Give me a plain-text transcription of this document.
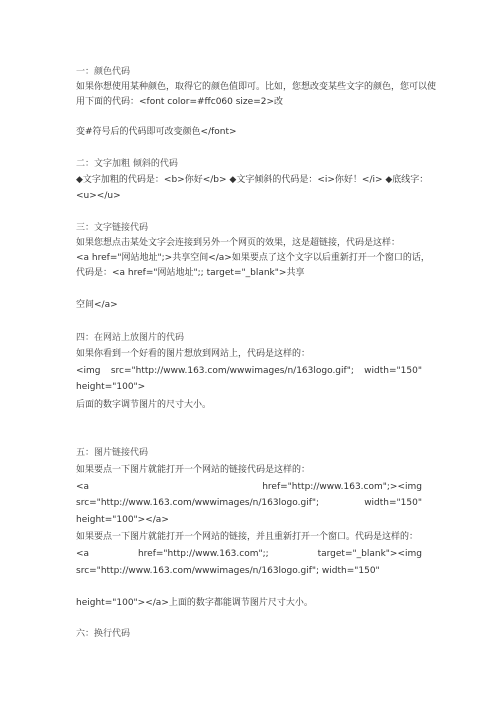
一：颜色代码
如果你想使用某种颜色，取得它的颜色值即可。比如，您想改变某些文字的颜色，您可以使
用下面的代码：<font color=#ffc060 size=2>改
变#符号后的代码即可改变颜色</font>
二：文字加粗 倾斜的代码
◆文字加粗的代码是：<b>你好</b> ◆文字倾斜的代码是：<i>你好！</i> ◆底线字：
<u></u>
三：文字链接代码
如果您想点击某处文字会连接到另外一个网页的效果，这是超链接，代码是这样：
<a href="网站地址";>共享空间</a>如果要点了这个文字以后重新打开一个窗口的话，
代码是：<a href="网站地址";; target="_blank">共享
空间</a>
四：在网站上放图片的代码
如果你看到一个好看的图片想放到网站上，代码是这样的：
<img src="http://www.163.com/wwwimages/n/163logo.gif"; width="150"
height="100">
后面的数字调节图片的尺寸大小。
五：图片链接代码
如果要点一下图片就能打开一个网站的链接代码是这样的：
<a	href="http://www.163.com";><img
src="http://www.163.com/wwwimages/n/163logo.gif";	width="150"
height="100"></a>
如果要点一下图片就能打开一个网站的链接，并且重新打开一个窗口。代码是这样的：
<a	href="http://www.163.com";;	target="_blank"><img
src="http://www.163.com/wwwimages/n/163logo.gif"; width="150"
height="100"></a>上面的数字都能调节图片尺寸大小。
六：换行代码
